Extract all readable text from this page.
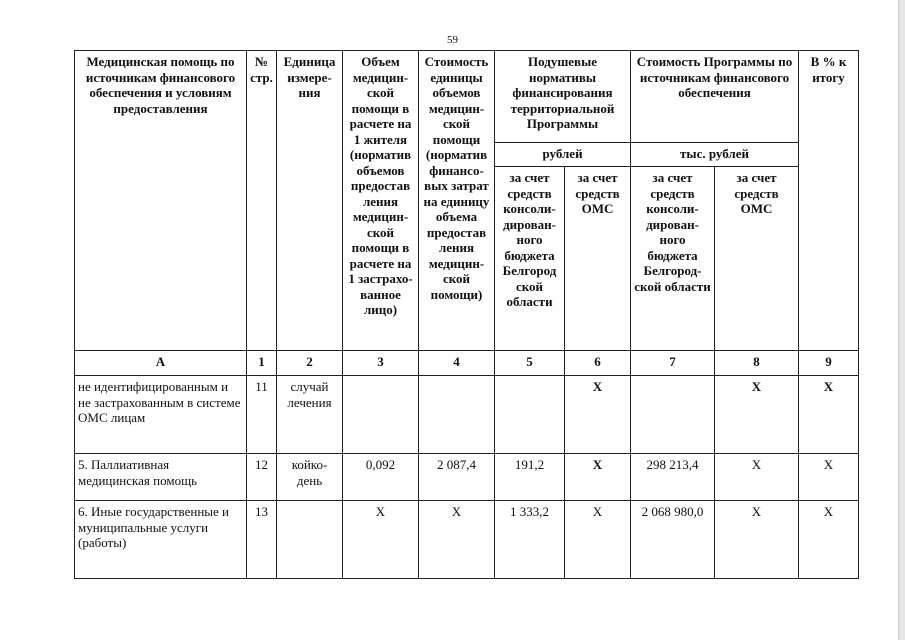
59
Медицинская помощь по источникам финансового обеспечения и условиям предоставления	№ стр.	Единица измере-ния	Объем медицин-ской помощи в расчете на 1 жителя (норматив объемов предостав ления медицин-ской помощи в расчете на 1 застрахо-ванное лицо)	Стоимость единицы объемов медицин-ской помощи (норматив финансо-вых затрат на единицу объема предостав ления медицин-ской помощи)	Подушевые нормативы финансирования территориальной Программы		Стоимость Программы по источникам финансового обеспечения		В % к итогу
					рублей		тыс. рублей		
					за счет средств консоли-дирован-ного бюджета Белгород ской области	за счет средств ОМС	за счет средств консоли-дирован-ного бюджета Белгород-ской области	за счет средств ОМС	
А	1	2	3	4	5	6	7	8	9
не идентифицированным и не застрахованным в системе ОМС лицам	11	случай лечения				X		X	X
5. Паллиативная медицинская помощь	12	койко-день	0,092	2 087,4	191,2	X	298 213,4	X	X
6. Иные государственные и муниципальные услуги (работы)	13		X	X	1 333,2	X	2 068 980,0	X	X
